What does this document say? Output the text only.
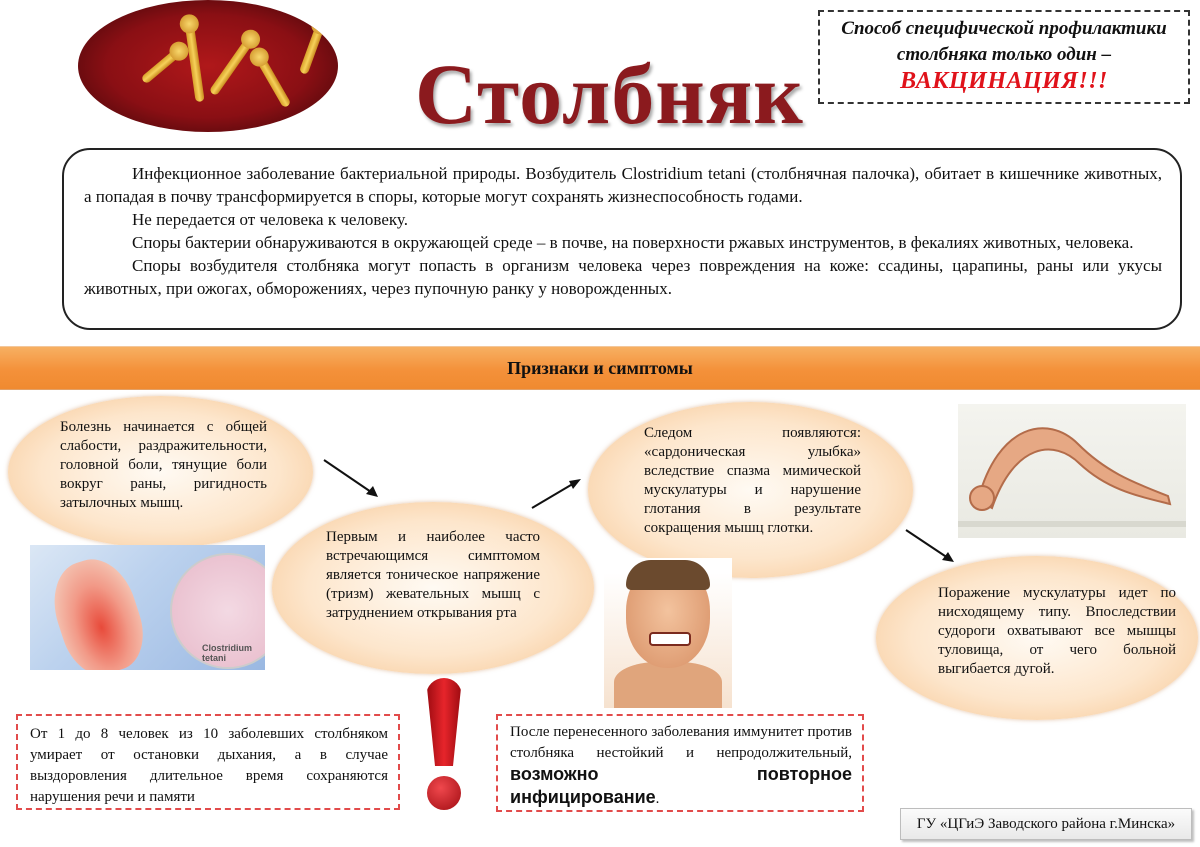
Столбняк
Способ специфической профилактики
столбняка только один –
ВАКЦИНАЦИЯ!!!

Инфекционное заболевание бактериальной природы. Возбудитель Clostridium tetani (столбнячная палочка), обитает в кишечнике животных, а попадая в почву трансформируется в споры, которые могут сохранять жизнеспособность годами.

Не передается от человека к человеку.

Споры бактерии обнаруживаются в окружающей среде – в почве, на поверхности ржавых инструментов, в фекалиях животных, человека.

Споры возбудителя столбняка могут попасть в организм человека через повреждения на коже: ссадины, царапины, раны или укусы животных, при ожогах, обморожениях, через пупочную ранку у новорожденных.

Признаки и симптомы
Болезнь начинается с общей слабости, раздражительности, головной боли, тянущие боли вокруг раны, ригидность затылочных мышц.
Clostridium tetani
Первым и наиболее часто встречающимся симптомом является тоническое напряжение (тризм) жевательных мышц с затруднением открывания рта
Следом появляются: «сардоническая улыбка» вследствие спазма мимической мускулатуры и нарушение глотания в результате сокращения мышц глотки.
Поражение мускулатуры идет по нисходящему типу. Впоследствии судороги охватывают все мышцы туловища, от чего больной выгибается дугой.
От 1 до 8 человек из 10 заболевших столбняком умирает от остановки дыхания, а в случае выздоровления длительное время сохраняются нарушения речи и памяти
После перенесенного заболевания иммунитет против столбняка нестойкий и непродолжительный, возможно повторное инфицирование.
ГУ «ЦГиЭ Заводского района г.Минска»
